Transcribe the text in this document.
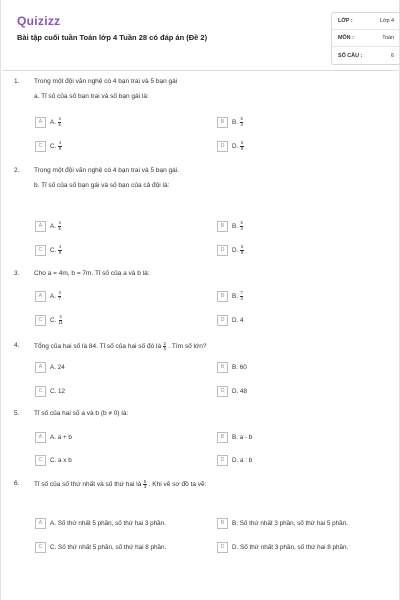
Quizizz
Bài tập cuối tuần Toán lớp 4 Tuần 28 có đáp án (Đề 2)
LỚP :	Lớp 4
MÔN :	Toán
SỐ CÂU :	6
1. Trong một đội văn nghệ có 4 bạn trai và 5 bạn gái
a. Tỉ số của số bạn trai và số bạn gái là:
A	A. $\frac{4}{5}$	B	B. $\frac{5}{4}$
C	C. $\frac{4}{9}$	D	D. $\frac{5}{9}$
2. Trong một đội văn nghệ có 4 bạn trai và 5 bạn gái.
b. Tỉ số của số bạn gái và số bạn của cả đội là:
A	A. $\frac{4}{5}$	B	B. $\frac{5}{4}$
C	C. $\frac{4}{9}$	D	D. $\frac{5}{9}$
3. Cho a = 4m, b = 7m. Tỉ số của a và b là:
A	A. $\frac{4}{7}$	B	B. $\frac{7}{4}$
C	C. $\frac{4}{11}$	D	D. 4
4. Tổng của hai số là 84. Tỉ số của hai số đó là $\frac{2}{5}$ . Tìm số lớn?
A	A. 24	B	B. 60
C	C. 12	D	D. 48
5. Tỉ số của hai số a và b (b ≠ 0) là:
A	A. a + b	B	B. a - b
C	C. a x b	D	D. a : b
6. Tỉ số của số thứ nhất và số thứ hai là $\frac{5}{3}$ . Khi vẽ sơ đồ ta vẽ:
A	A. Số thứ nhất 5 phần, số thứ hai 3 phần.	B	B. Số thứ nhất 3 phần, số thứ hai 5 phần.
C	C. Số thứ nhất 5 phần, số thứ hai 8 phần.	D	D. Số thứ nhất 3 phần, số thứ hai 8 phần.
